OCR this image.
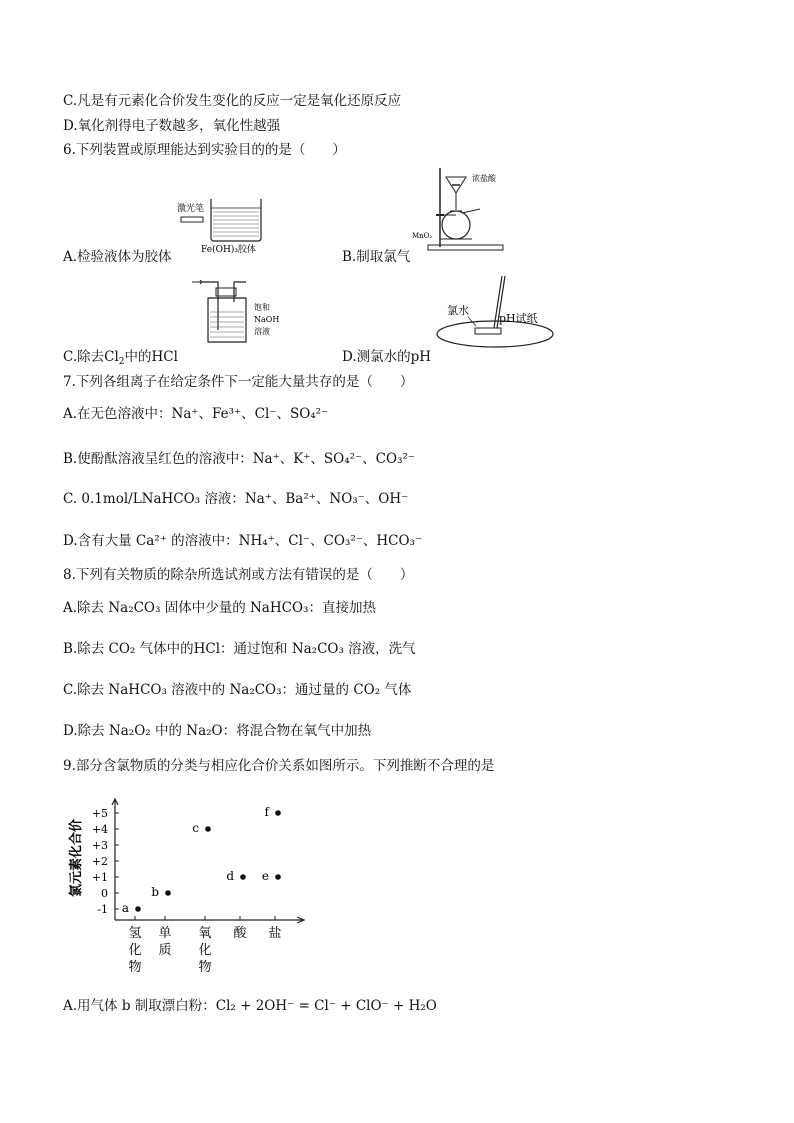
C.凡是有元素化合价发生变化的反应一定是氧化还原反应
D.氧化剂得电子数越多，氧化性越强
6.下列装置或原理能达到实验目的的是（　　）
激光笔
Fe(OH)₃胶体
浓盐酸
MnO₂
A.检验液体为胶体	B.制取氯气
饱和
NaOH
溶液
氯水
pH试纸
C.除去$Cl_2$中的HCl	D.测氯水的pH
7.下列各组离子在给定条件下一定能大量共存的是（　　）
A.在无色溶液中：Na⁺、Fe³⁺、Cl⁻、SO₄²⁻
B.使酚酞溶液呈红色的溶液中：Na⁺、K⁺、SO₄²⁻、CO₃²⁻
C. 0.1mol/LNaHCO₃ 溶液：Na⁺、Ba²⁺、NO₃⁻、OH⁻
D.含有大量 Ca²⁺ 的溶液中：NH₄⁺、Cl⁻、CO₃²⁻、HCO₃⁻
8.下列有关物质的除杂所选试剂或方法有错误的是（　　）
A.除去 Na₂CO₃ 固体中少量的 NaHCO₃：直接加热
B.除去 CO₂ 气体中的HCl：通过饱和 Na₂CO₃ 溶液，洗气
C.除去 NaHCO₃ 溶液中的 Na₂CO₃：通过量的 CO₂ 气体
D.除去 Na₂O₂ 中的 Na₂O：将混合物在氧气中加热
9.部分含氯物质的分类与相应化合价关系如图所示。下列推断不合理的是
+5
+4
+3
+2
+1
0
-1
氢
化
物
单
质
氧
化
物
酸 盐
a
b
c
d e
f
氯元素化合价
A.用气体 b 制取漂白粉：Cl₂ + 2OH⁻ = Cl⁻ + ClO⁻ + H₂O
